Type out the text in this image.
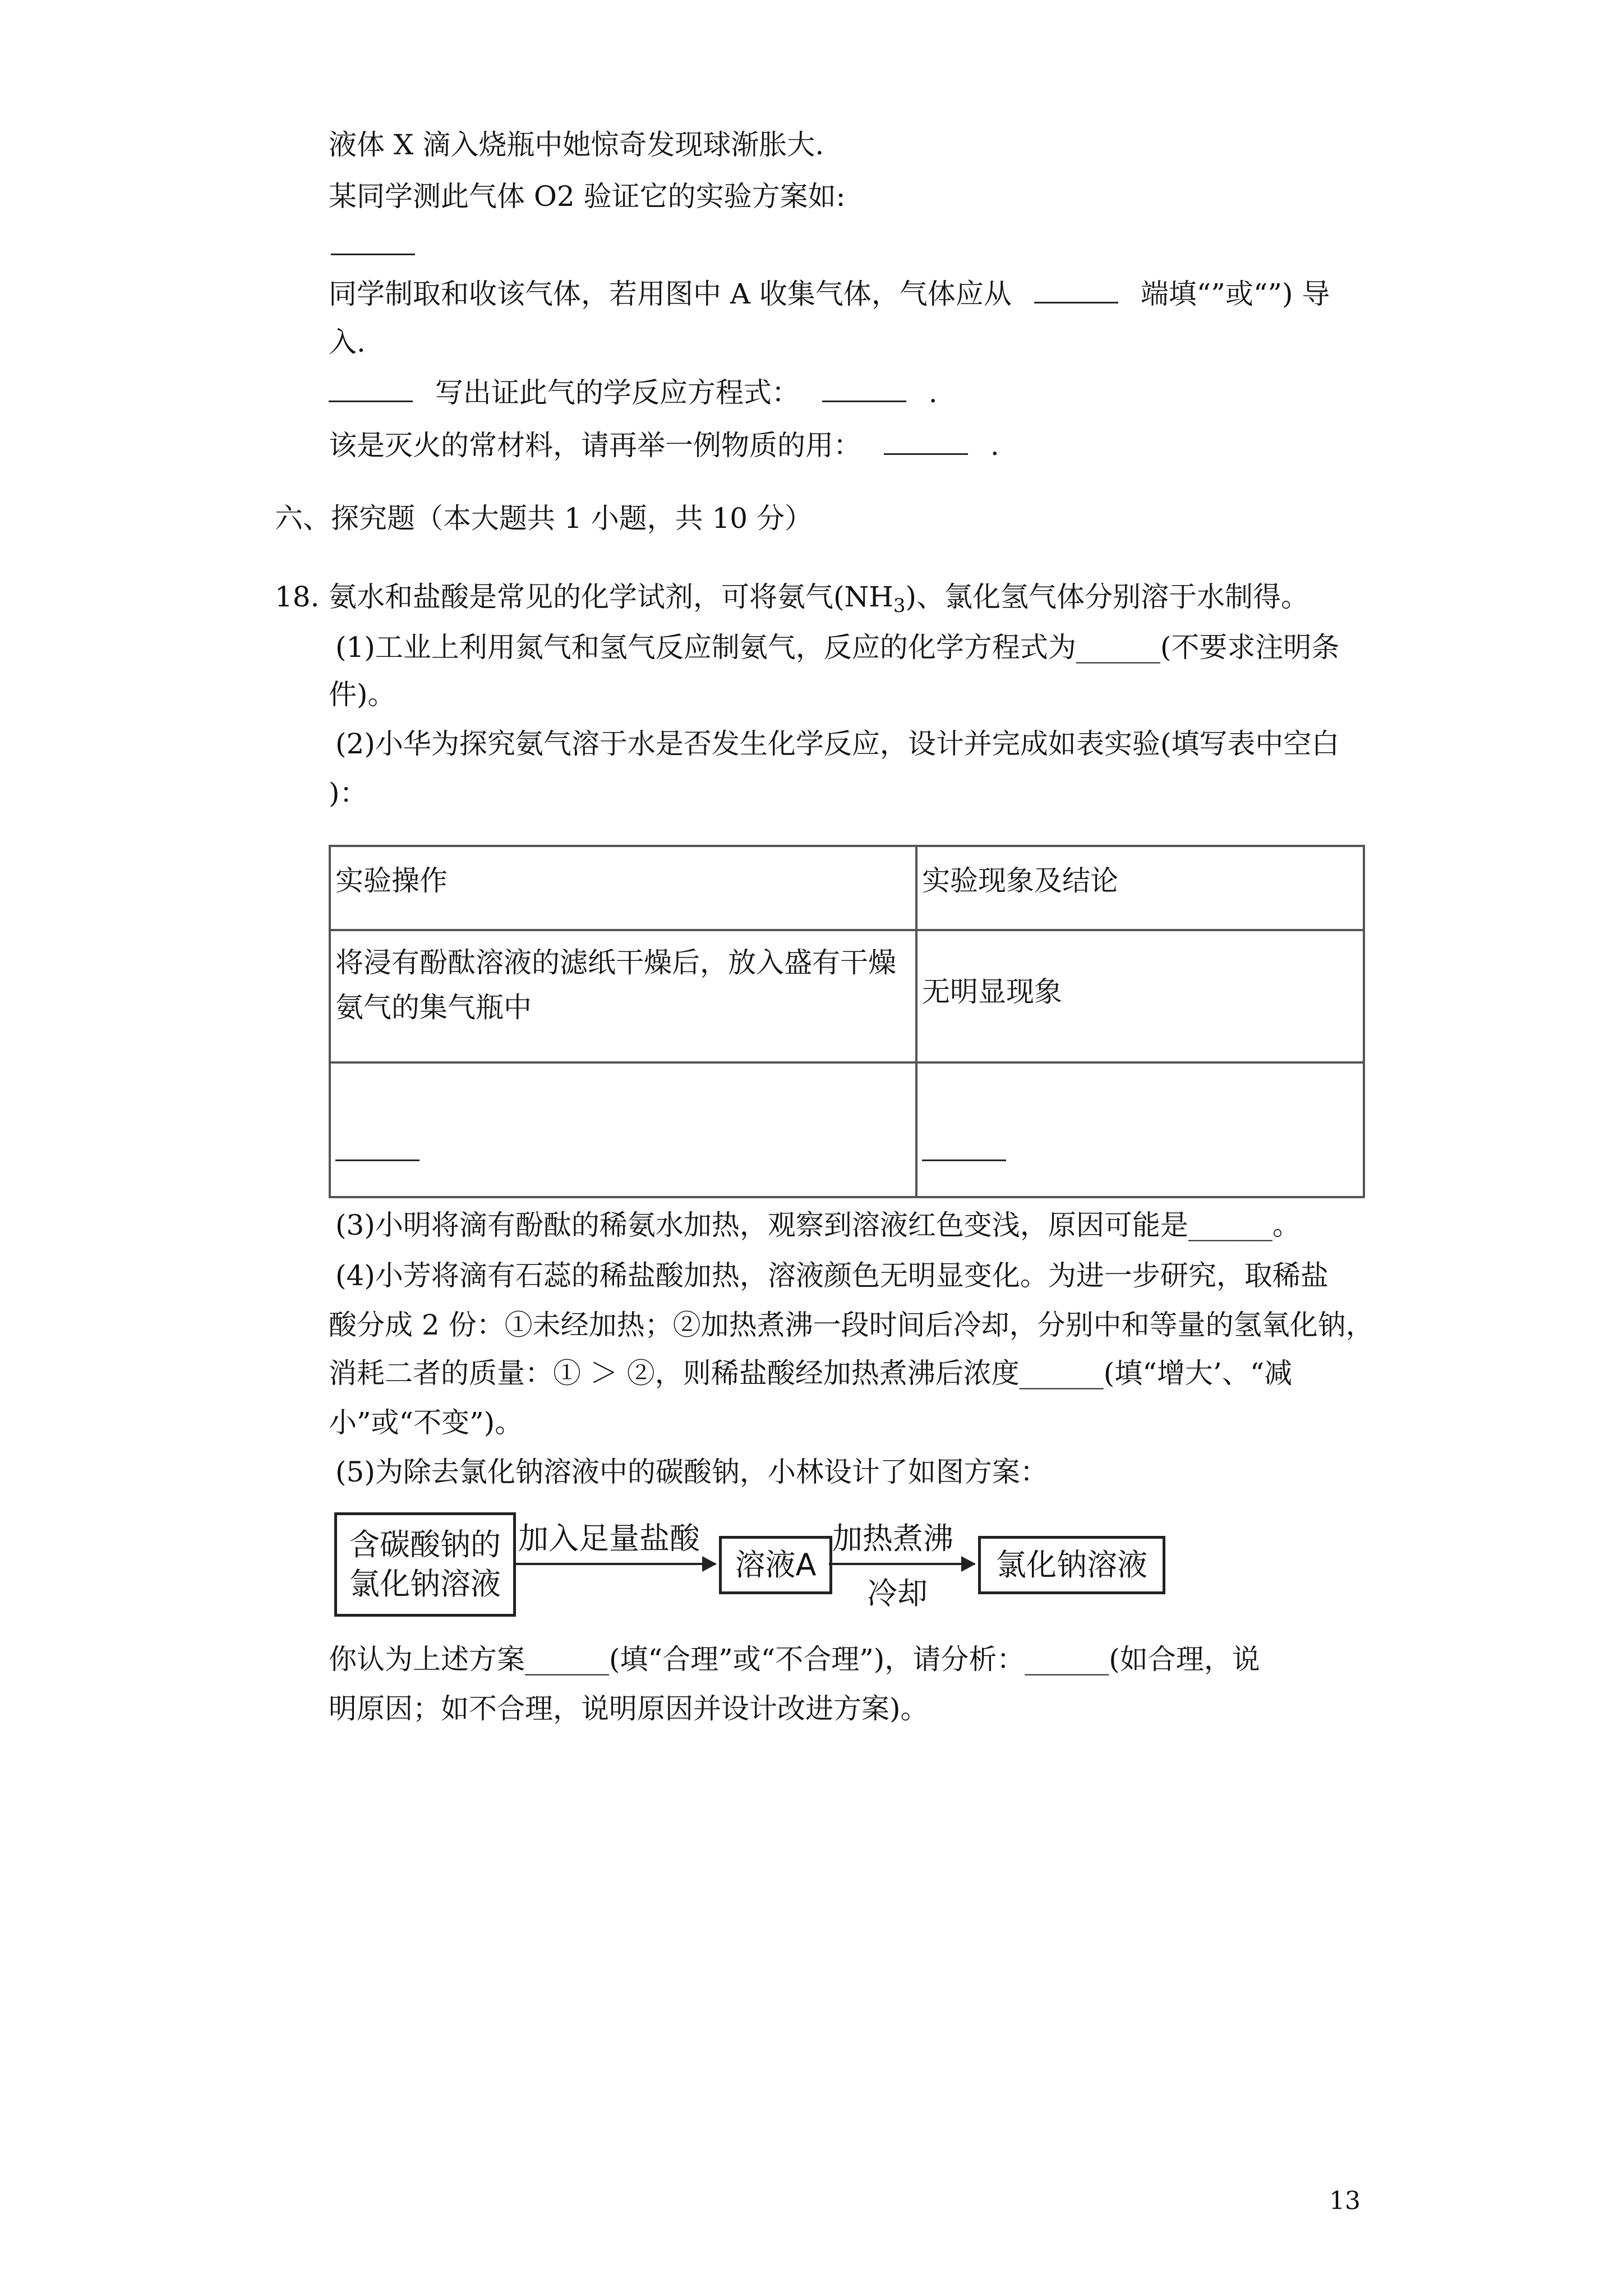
液体 X 滴入烧瓶中她惊奇发现球渐胀大.
某同学测此气体 O2 验证它的实验方案如:
同学制取和收该气体，若用图中 A 收集气体，气体应从	端填“”或“”) 导
入.
写出证此气的学反应方程式：	.
该是灭火的常材料，请再举一例物质的用：	.
六、探究题（本大题共 1 小题，共 10 分）
18. 氨水和盐酸是常见的化学试剂，可将氨气$(NH_3)$、氯化氢气体分别溶于水制得。
(1)工业上利用氮气和氢气反应制氨气，反应的化学方程式为______(不要求注明条
件)。
(2)小华为探究氨气溶于水是否发生化学反应，设计并完成如表实验(填写表中空白
)：
实验操作	实验现象及结论

将浸有酚酞溶液的滤纸干燥后，放入盛有干燥
氨气的集气瓶中	无明显现象

(3)小明将滴有酚酞的稀氨水加热，观察到溶液红色变浅，原因可能是______。
(4)小芳将滴有石蕊的稀盐酸加热，溶液颜色无明显变化。为进一步研究，取稀盐
酸分成 2 份：①未经加热；②加热煮沸一段时间后冷却，分别中和等量的氢氧化钠，
消耗二者的质量：① ＞ ②，则稀盐酸经加热煮沸后浓度______(填“增大’、“减
小”或“不变”)。
(5)为除去氯化钠溶液中的碳酸钠，小林设计了如图方案：
含碳酸钠的
氯化钠溶液
加入足量盐酸
溶液A
加热煮沸
冷却
氯化钠溶液
你认为上述方案______(填“合理”或“不合理”)，请分析：______(如合理，说
明原因；如不合理，说明原因并设计改进方案)。
13
